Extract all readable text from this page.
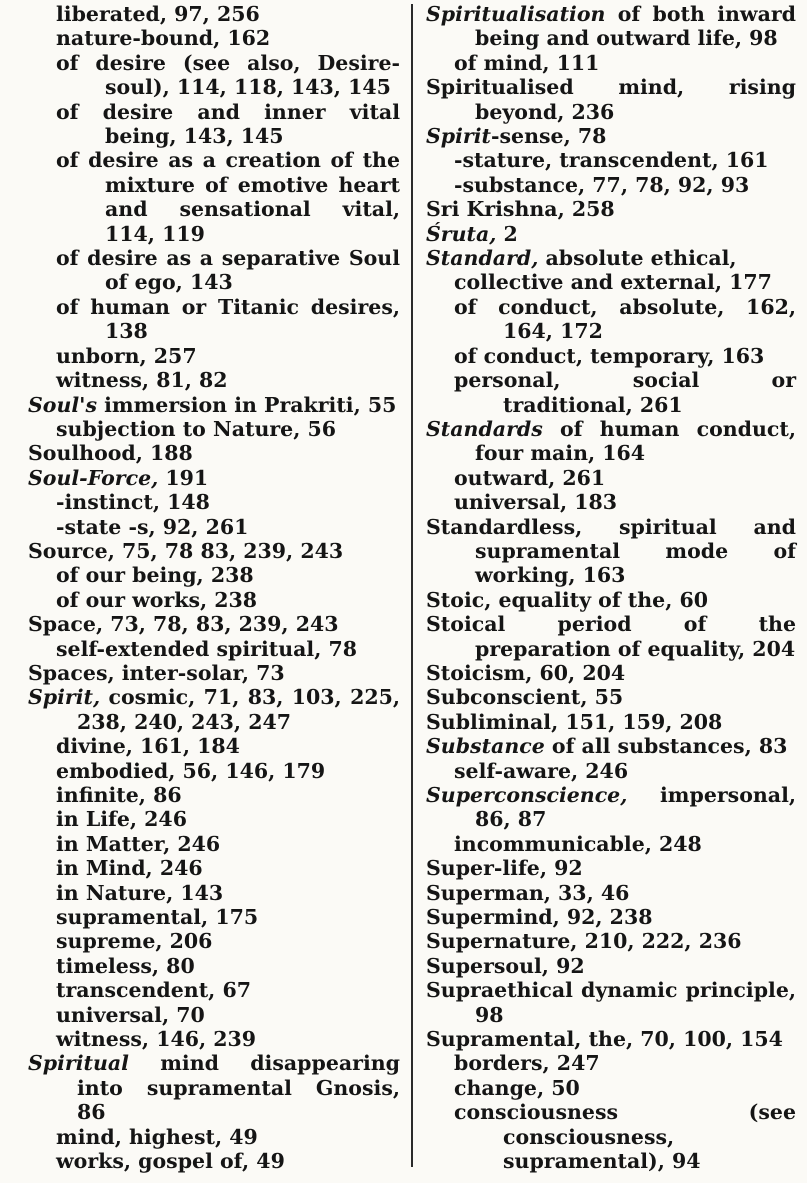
liberated, 97, 256
nature-bound, 162
of desire (see also, Desire-soul), 114, 118, 143, 145
of desire and inner vital being, 143, 145
of desire as a creation of the mixture of emotive heart and sensational vital, 114, 119
of desire as a separative Soul of ego, 143
of human or Titanic desires, 138
unborn, 257
witness, 81, 82
Soul's immersion in Prakriti, 55
subjection to Nature, 56
Soulhood, 188
Soul-Force, 191
-instinct, 148
-state -s, 92, 261
Source, 75, 78 83, 239, 243
of our being, 238
of our works, 238
Space, 73, 78, 83, 239, 243
self-extended spiritual, 78
Spaces, inter-solar, 73
Spirit, cosmic, 71, 83, 103, 225, 238, 240, 243, 247
divine, 161, 184
embodied, 56, 146, 179
infinite, 86
in Life, 246
in Matter, 246
in Mind, 246
in Nature, 143
supramental, 175
supreme, 206
timeless, 80
transcendent, 67
universal, 70
witness, 146, 239
Spiritual mind disappearing into supramental Gnosis, 86
mind, highest, 49
works, gospel of, 49
Spiritualisation of both inward being and outward life, 98
of mind, 111
Spiritualised mind, rising beyond, 236
Spirit-sense, 78
-stature, transcendent, 161
-substance, 77, 78, 92, 93
Sri Krishna, 258
Śruta, 2
Standard, absolute ethical,
collective and external, 177
of conduct, absolute, 162, 164, 172
of conduct, temporary, 163
personal, social or traditional, 261
Standards of human conduct, four main, 164
outward, 261
universal, 183
Standardless, spiritual and supramental mode of working, 163
Stoic, equality of the, 60
Stoical period of the preparation of equality, 204
Stoicism, 60, 204
Subconscient, 55
Subliminal, 151, 159, 208
Substance of all substances, 83
self-aware, 246
Superconscience, impersonal, 86, 87
incommunicable, 248
Super-life, 92
Superman, 33, 46
Supermind, 92, 238
Supernature, 210, 222, 236
Supersoul, 92
Supraethical dynamic principle, 98
Supramental, the, 70, 100, 154
borders, 247
change, 50
consciousness (see consciousness, supramental), 94
